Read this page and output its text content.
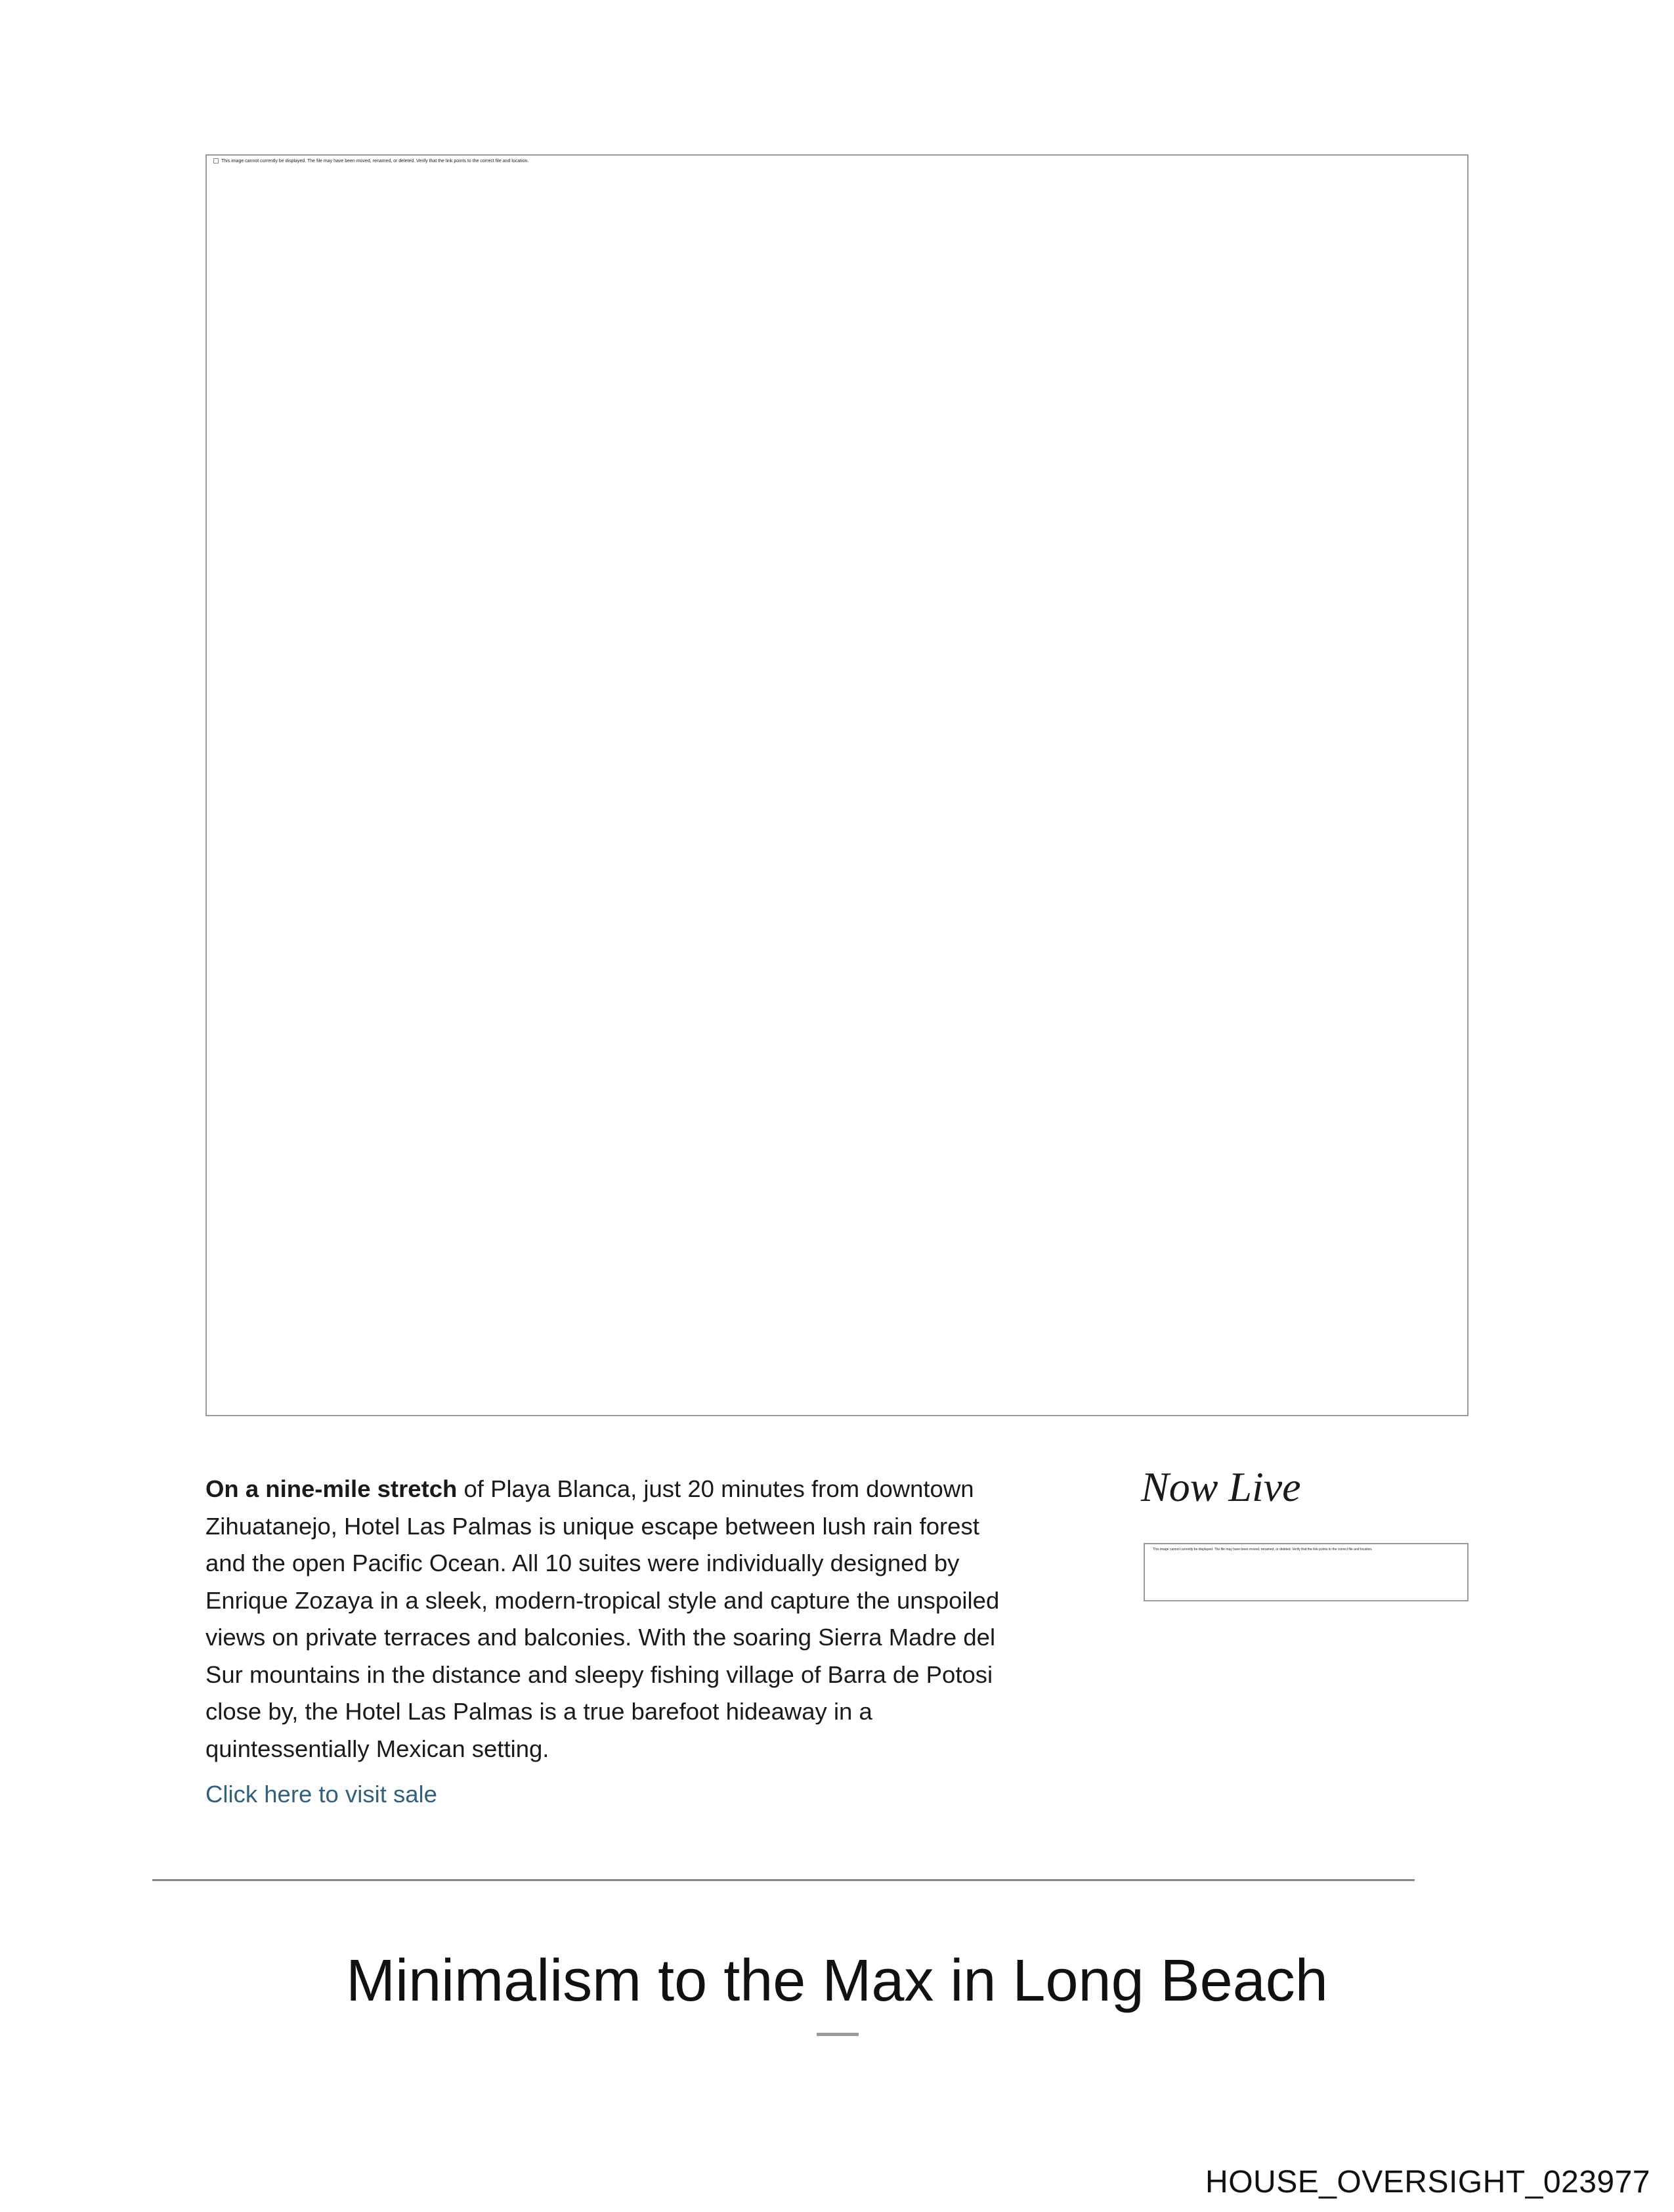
This image cannot currently be displayed. The file may have been moved, renamed, or deleted. Verify that the link points to the correct file and location.
On a nine-mile stretch of Playa Blanca, just 20 minutes from downtown Zihuatanejo, Hotel Las Palmas is unique escape between lush rain forest and the open Pacific Ocean. All 10 suites were individually designed by Enrique Zozaya in a sleek, modern-tropical style and capture the unspoiled views on private terraces and balconies. With the soaring Sierra Madre del Sur mountains in the distance and sleepy fishing village of Barra de Potosi close by, the Hotel Las Palmas is a true barefoot hideaway in a quintessentially Mexican setting.
Click here to visit sale
Now Live
This image cannot currently be displayed. The file may have been moved, renamed, or deleted. Verify that the link points to the correct file and location.
Minimalism to the Max in Long Beach
HOUSE_OVERSIGHT_023977
